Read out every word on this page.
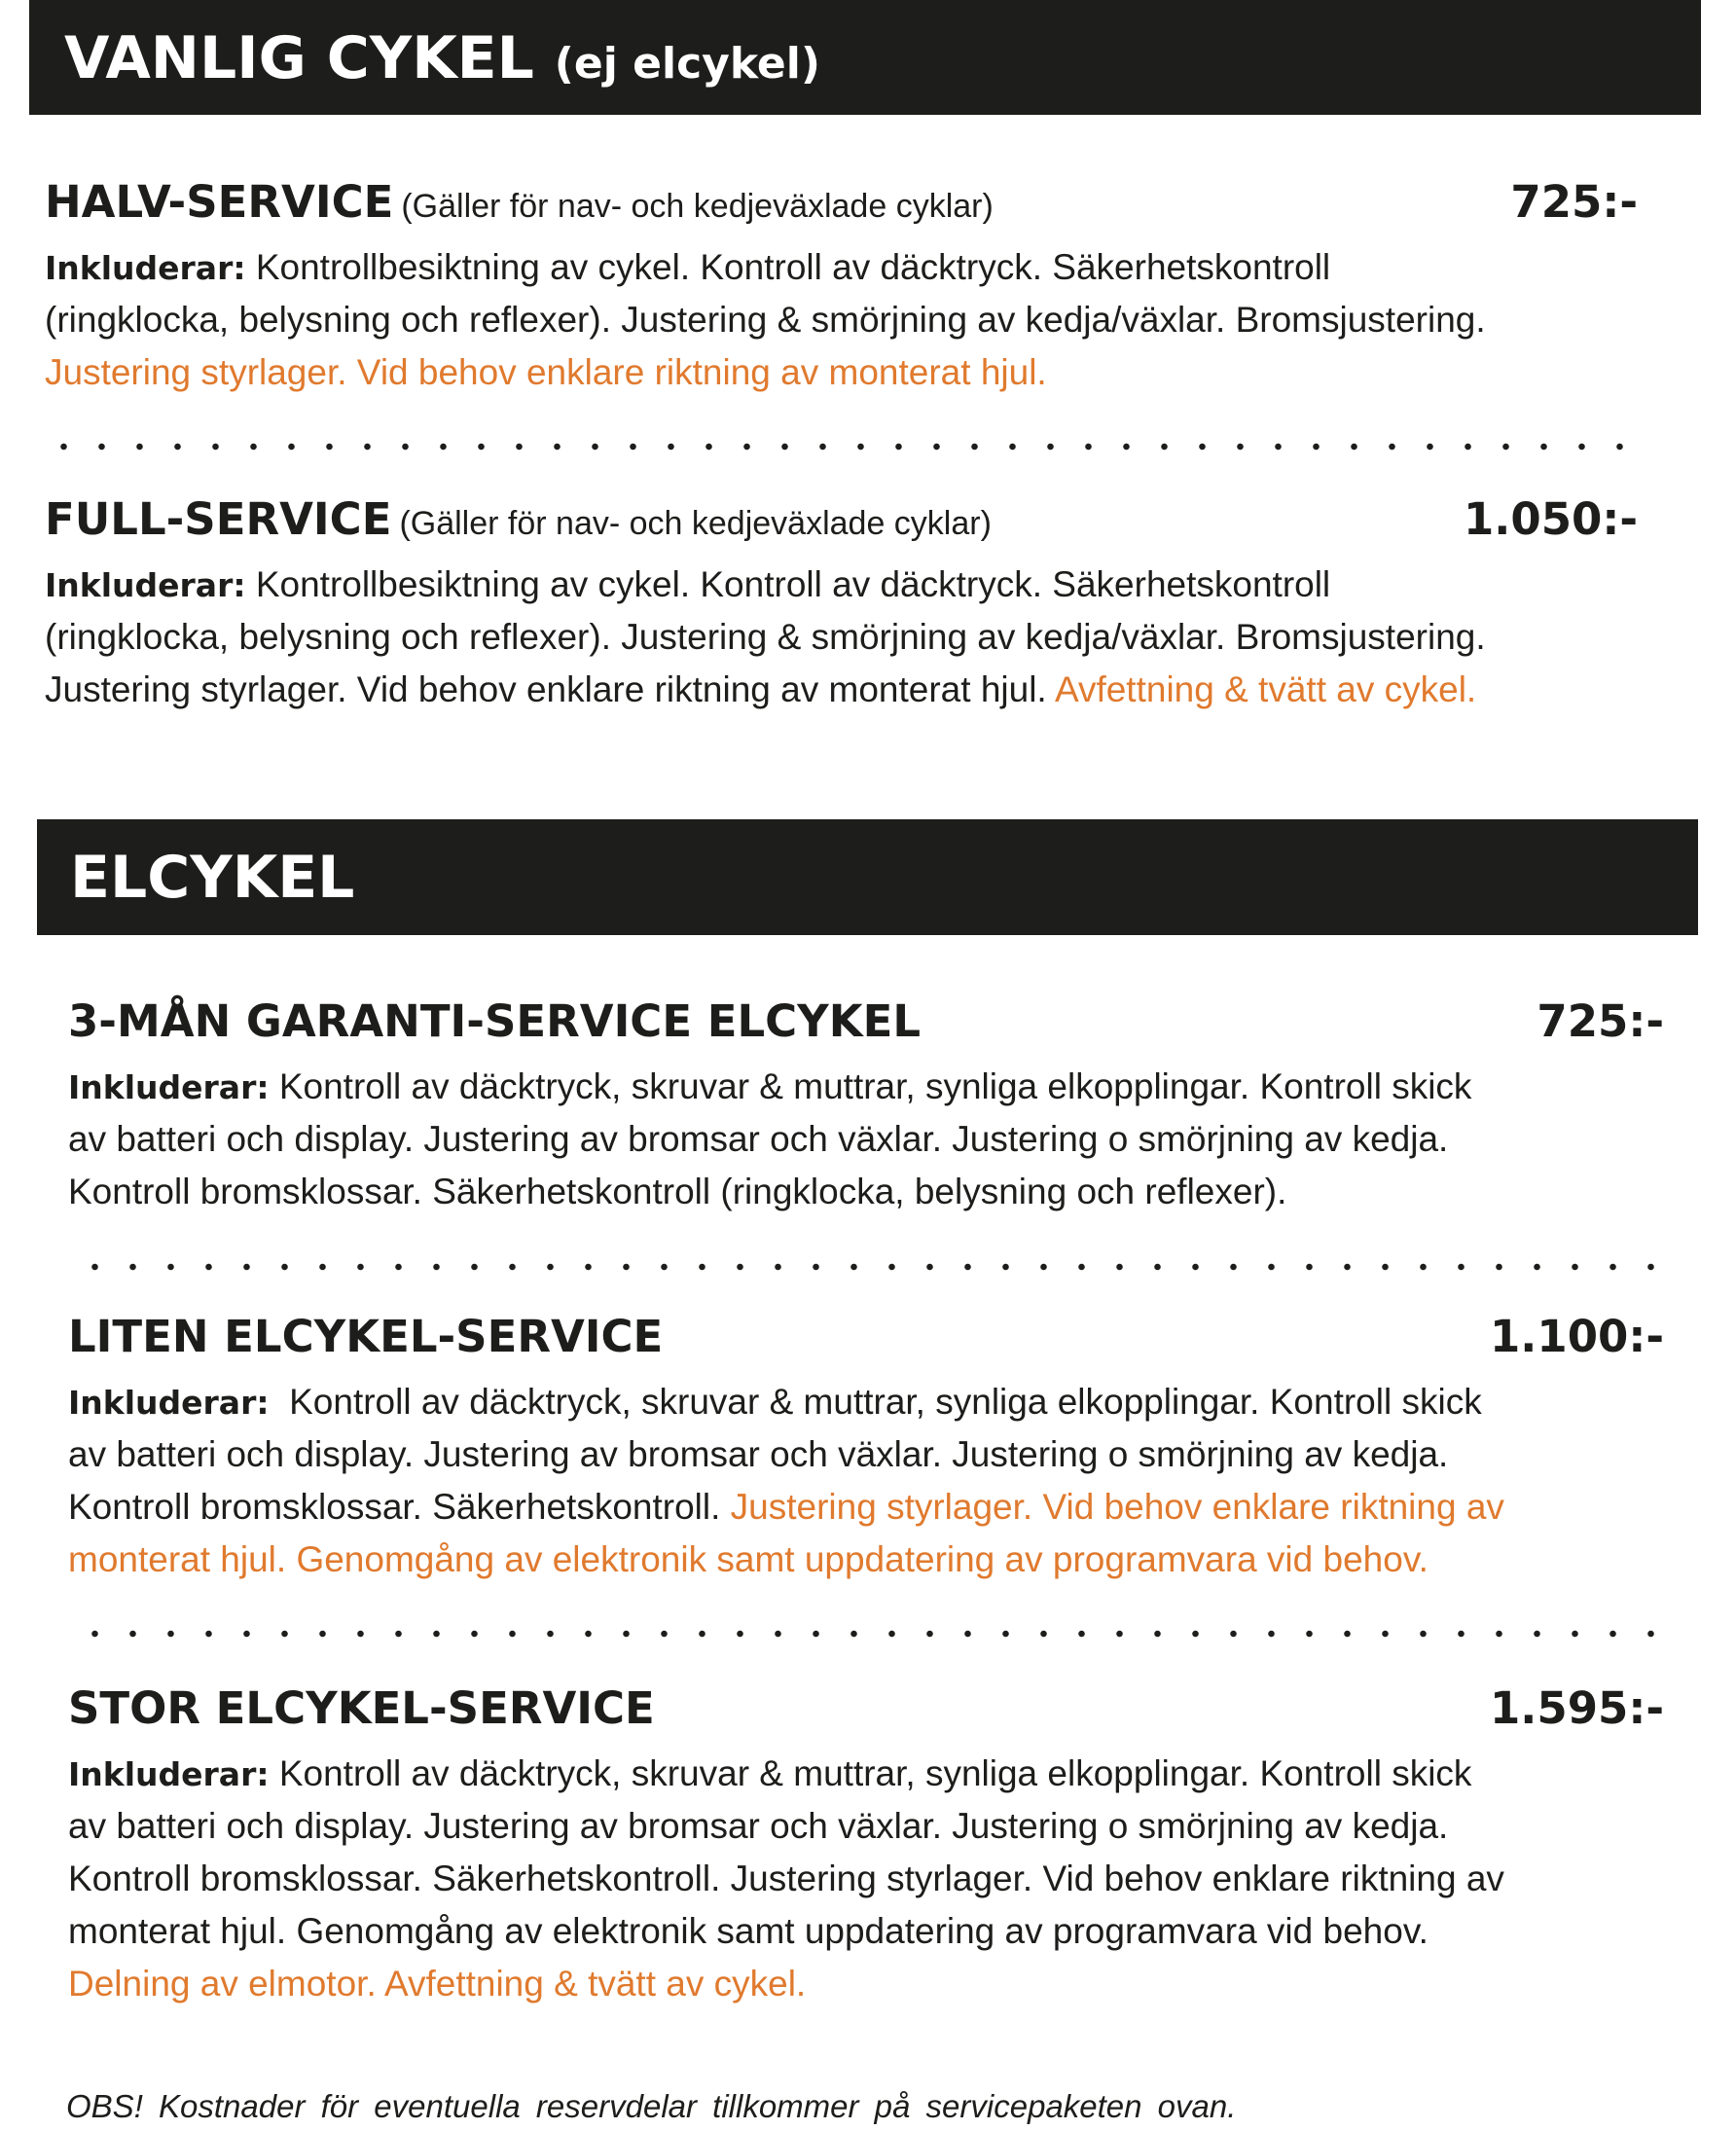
VANLIG CYKEL (ej elcykel)
HALV-SERVICE (Gäller för nav- och kedjeväxlade cyklar)	725:-
Inkluderar: Kontrollbesiktning av cykel. Kontroll av däcktryck. Säkerhetskontroll
(ringklocka, belysning och reflexer). Justering & smörjning av kedja/växlar. Bromsjustering.
Justering styrlager. Vid behov enklare riktning av monterat hjul.
FULL-SERVICE (Gäller för nav- och kedjeväxlade cyklar)	1.050:-
Inkluderar: Kontrollbesiktning av cykel. Kontroll av däcktryck. Säkerhetskontroll
(ringklocka, belysning och reflexer). Justering & smörjning av kedja/växlar. Bromsjustering.
Justering styrlager. Vid behov enklare riktning av monterat hjul. Avfettning & tvätt av cykel.
ELCYKEL
3-MÅN GARANTI-SERVICE ELCYKEL	725:-
Inkluderar: Kontroll av däcktryck, skruvar & muttrar, synliga elkopplingar. Kontroll skick
av batteri och display. Justering av bromsar och växlar. Justering o smörjning av kedja.
Kontroll bromsklossar. Säkerhetskontroll (ringklocka, belysning och reflexer).
LITEN ELCYKEL-SERVICE	1.100:-
Inkluderar:  Kontroll av däcktryck, skruvar & muttrar, synliga elkopplingar. Kontroll skick
av batteri och display. Justering av bromsar och växlar. Justering o smörjning av kedja.
Kontroll bromsklossar. Säkerhetskontroll. Justering styrlager. Vid behov enklare riktning av
monterat hjul. Genomgång av elektronik samt uppdatering av programvara vid behov.
STOR ELCYKEL-SERVICE	1.595:-
Inkluderar: Kontroll av däcktryck, skruvar & muttrar, synliga elkopplingar. Kontroll skick
av batteri och display. Justering av bromsar och växlar. Justering o smörjning av kedja.
Kontroll bromsklossar. Säkerhetskontroll. Justering styrlager. Vid behov enklare riktning av
monterat hjul. Genomgång av elektronik samt uppdatering av programvara vid behov.
Delning av elmotor. Avfettning & tvätt av cykel.
OBS! Kostnader för eventuella reservdelar tillkommer på servicepaketen ovan.
